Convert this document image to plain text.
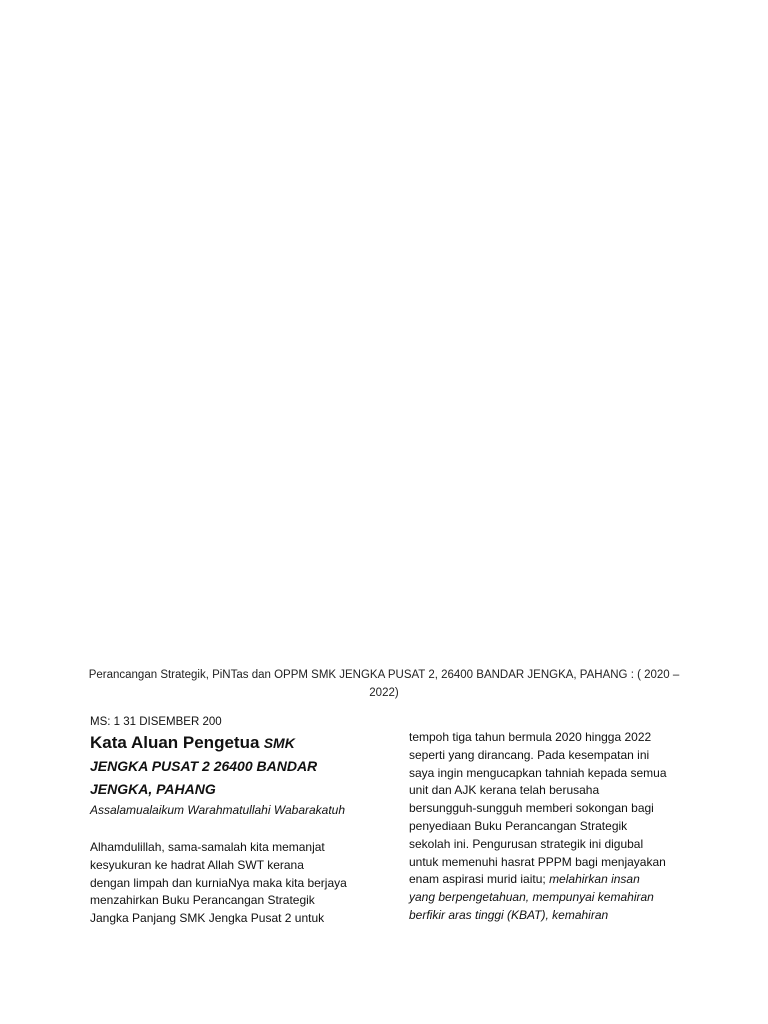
Perancangan Strategik, PiNTas dan OPPM SMK JENGKA PUSAT 2, 26400 BANDAR JENGKA, PAHANG : ( 2020 – 2022)

MS: 1 31 DISEMBER 200

Kata Aluan Pengetua SMK
JENGKA PUSAT 2 26400 BANDAR
JENGKA, PAHANG

Assalamualaikum Warahmatullahi Wabarakatuh

Alhamdulillah, sama-samalah kita memanjat
kesyukuran ke hadrat Allah SWT kerana
dengan limpah dan kurniaNya maka kita berjaya
menzahirkan Buku Perancangan Strategik
Jangka Panjang SMK Jengka Pusat 2 untuk

tempoh tiga tahun bermula 2020 hingga 2022
seperti yang dirancang. Pada kesempatan ini
saya ingin mengucapkan tahniah kepada semua
unit dan AJK kerana telah berusaha
bersungguh-sungguh memberi sokongan bagi
penyediaan Buku Perancangan Strategik
sekolah ini. Pengurusan strategik ini digubal
untuk memenuhi hasrat PPPM bagi menjayakan
enam aspirasi murid iaitu; melahirkan insan
yang berpengetahuan, mempunyai kemahiran
berfikir aras tinggi (KBAT), kemahiran
